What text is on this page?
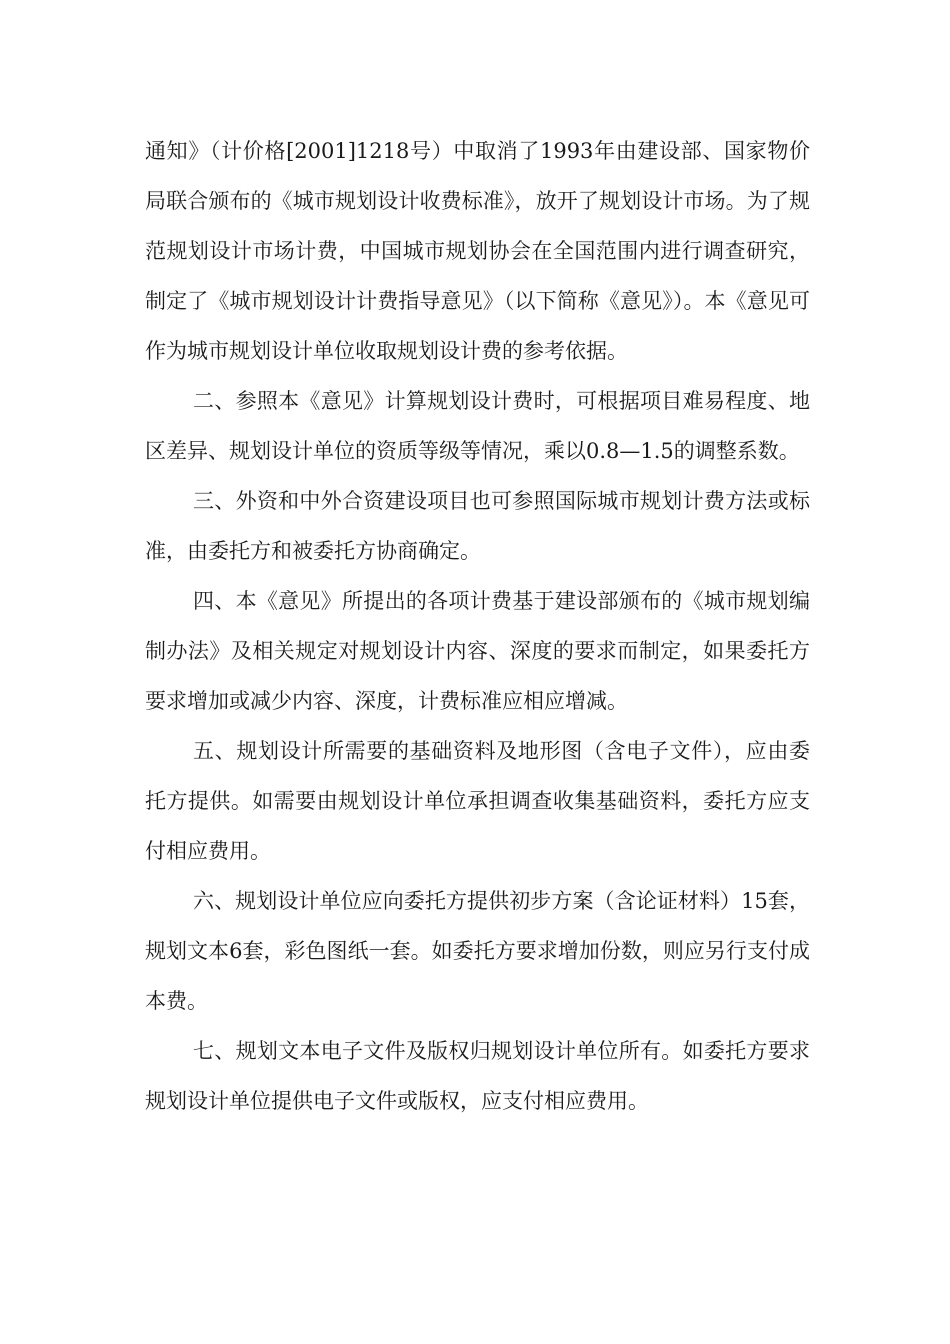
通知》（计价格[2001]1218号）中取消了1993年由建设部、国家物价局联合颁布的《城市规划设计收费标准》，放开了规划设计市场。为了规范规划设计市场计费，中国城市规划协会在全国范围内进行调查研究，制定了《城市规划设计计费指导意见》（以下简称《意见》）。本《意见可作为城市规划设计单位收取规划设计费的参考依据。

二、参照本《意见》计算规划设计费时，可根据项目难易程度、地区差异、规划设计单位的资质等级等情况，乘以0.8—1.5的调整系数。

三、外资和中外合资建设项目也可参照国际城市规划计费方法或标准，由委托方和被委托方协商确定。

四、本《意见》所提出的各项计费基于建设部颁布的《城市规划编制办法》及相关规定对规划设计内容、深度的要求而制定，如果委托方要求增加或减少内容、深度，计费标准应相应增减。

五、规划设计所需要的基础资料及地形图（含电子文件），应由委托方提供。如需要由规划设计单位承担调查收集基础资料，委托方应支付相应费用。

六、规划设计单位应向委托方提供初步方案（含论证材料）15套，规划文本6套，彩色图纸一套。如委托方要求增加份数，则应另行支付成本费。

七、规划文本电子文件及版权归规划设计单位所有。如委托方要求规划设计单位提供电子文件或版权，应支付相应费用。
